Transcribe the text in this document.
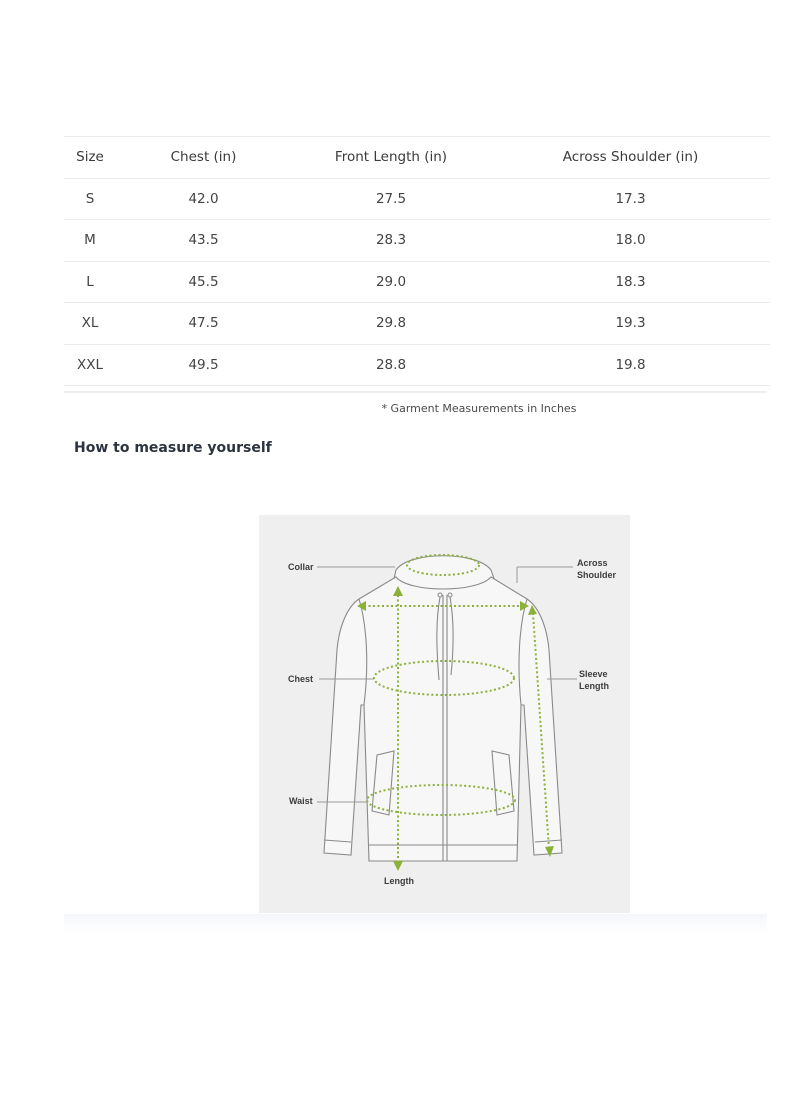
Size	Chest (in)	Front Length (in)	Across Shoulder (in)
S	42.0	27.5	17.3
M	43.5	28.3	18.0
L	45.5	29.0	18.3
XL	47.5	29.8	19.3
XXL	49.5	28.8	19.8
* Garment Measurements in Inches
How to measure yourself
Collar
Chest
Waist
Length
Across
Shoulder
Sleeve
Length
